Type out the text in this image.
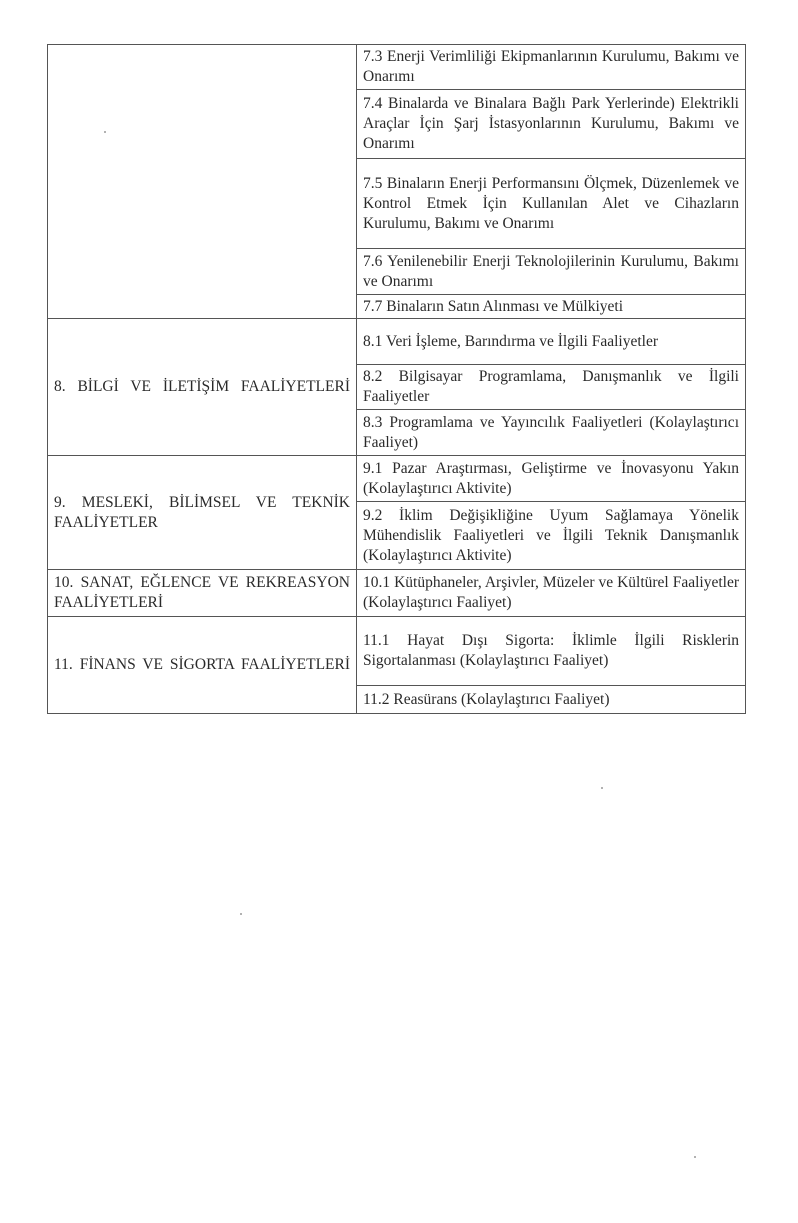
	7.3 Enerji Verimliliği Ekipmanlarının Kurulumu, Bakımı ve Onarımı
	7.4 Binalarda ve Binalara Bağlı Park Yerlerinde) Elektrikli Araçlar İçin Şarj İstasyonlarının Kurulumu, Bakımı ve Onarımı
	7.5 Binaların Enerji Performansını Ölçmek, Düzenlemek ve Kontrol Etmek İçin Kullanılan Alet ve Cihazların Kurulumu, Bakımı ve Onarımı
	7.6 Yenilenebilir Enerji Teknolojilerinin Kurulumu, Bakımı ve Onarımı
	7.7 Binaların Satın Alınması ve Mülkiyeti
8. BİLGİ VE İLETİŞİM FAALİYETLERİ	8.1 Veri İşleme, Barındırma ve İlgili Faaliyetler
	8.2 Bilgisayar Programlama, Danışmanlık ve İlgili Faaliyetler
	8.3 Programlama ve Yayıncılık Faaliyetleri (Kolaylaştırıcı Faaliyet)
9. MESLEKİ, BİLİMSEL VE TEKNİK FAALİYETLER	9.1 Pazar Araştırması, Geliştirme ve İnovasyonu Yakın (Kolaylaştırıcı Aktivite)
	9.2 İklim Değişikliğine Uyum Sağlamaya Yönelik Mühendislik Faaliyetleri ve İlgili Teknik Danışmanlık (Kolaylaştırıcı Aktivite)
10. SANAT, EĞLENCE VE REKREASYON FAALİYETLERİ	10.1 Kütüphaneler, Arşivler, Müzeler ve Kültürel Faaliyetler (Kolaylaştırıcı Faaliyet)
11. FİNANS VE SİGORTA FAALİYETLERİ	11.1 Hayat Dışı Sigorta: İklimle İlgili Risklerin Sigortalanması (Kolaylaştırıcı Faaliyet)
	11.2 Reasürans (Kolaylaştırıcı Faaliyet)
